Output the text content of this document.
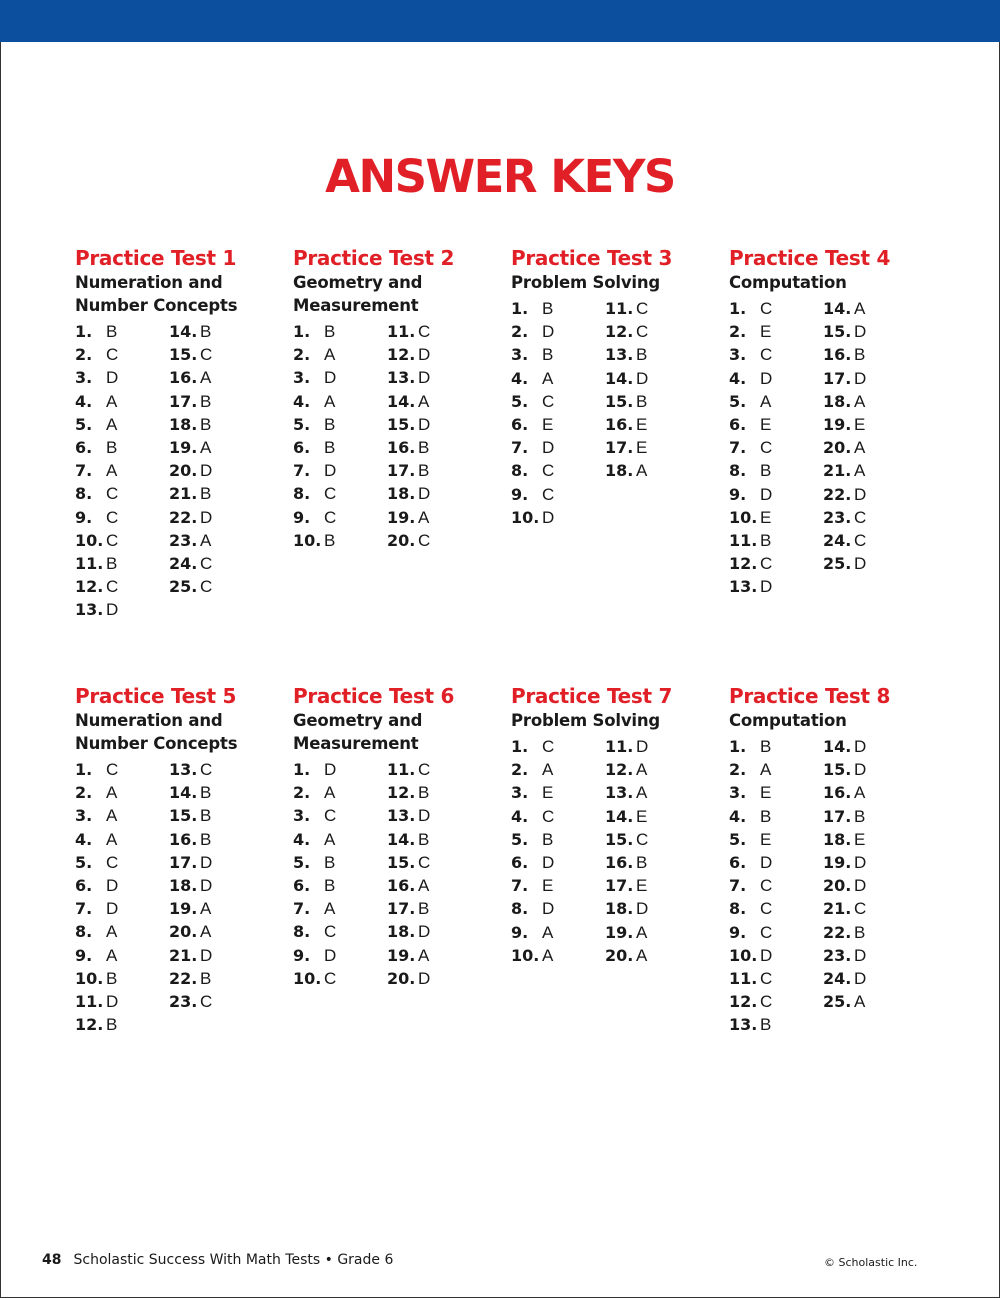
ANSWER KEYS
Practice Test 1
Numeration and
Number Concepts
1. B
2. C
3. D
4. A
5. A
6. B
7. A
8. C
9. C
10. C
11. B
12. C
13. D
14. B
15. C
16. A
17. B
18. B
19. A
20. D
21. B
22. D
23. A
24. C
25. C
Practice Test 2
Geometry and
Measurement
1. B
2. A
3. D
4. A
5. B
6. B
7. D
8. C
9. C
10. B
11. C
12. D
13. D
14. A
15. D
16. B
17. B
18. D
19. A
20. C
Practice Test 3
Problem Solving
1. B
2. D
3. B
4. A
5. C
6. E
7. D
8. C
9. C
10. D
11. C
12. C
13. B
14. D
15. B
16. E
17. E
18. A
Practice Test 4
Computation
1. C
2. E
3. C
4. D
5. A
6. E
7. C
8. B
9. D
10. E
11. B
12. C
13. D
14. A
15. D
16. B
17. D
18. A
19. E
20. A
21. A
22. D
23. C
24. C
25. D
Practice Test 5
Numeration and
Number Concepts
1. C
2. A
3. A
4. A
5. C
6. D
7. D
8. A
9. A
10. B
11. D
12. B
13. C
14. B
15. B
16. B
17. D
18. D
19. A
20. A
21. D
22. B
23. C
Practice Test 6
Geometry and
Measurement
1. D
2. A
3. C
4. A
5. B
6. B
7. A
8. C
9. D
10. C
11. C
12. B
13. D
14. B
15. C
16. A
17. B
18. D
19. A
20. D
Practice Test 7
Problem Solving
1. C
2. A
3. E
4. C
5. B
6. D
7. E
8. D
9. A
10. A
11. D
12. A
13. A
14. E
15. C
16. B
17. E
18. D
19. A
20. A
Practice Test 8
Computation
1. B
2. A
3. E
4. B
5. E
6. D
7. C
8. C
9. C
10. D
11. C
12. C
13. B
14. D
15. D
16. A
17. B
18. E
19. D
20. D
21. C
22. B
23. D
24. D
25. A
48 Scholastic Success With Math Tests • Grade 6	© Scholastic Inc.
